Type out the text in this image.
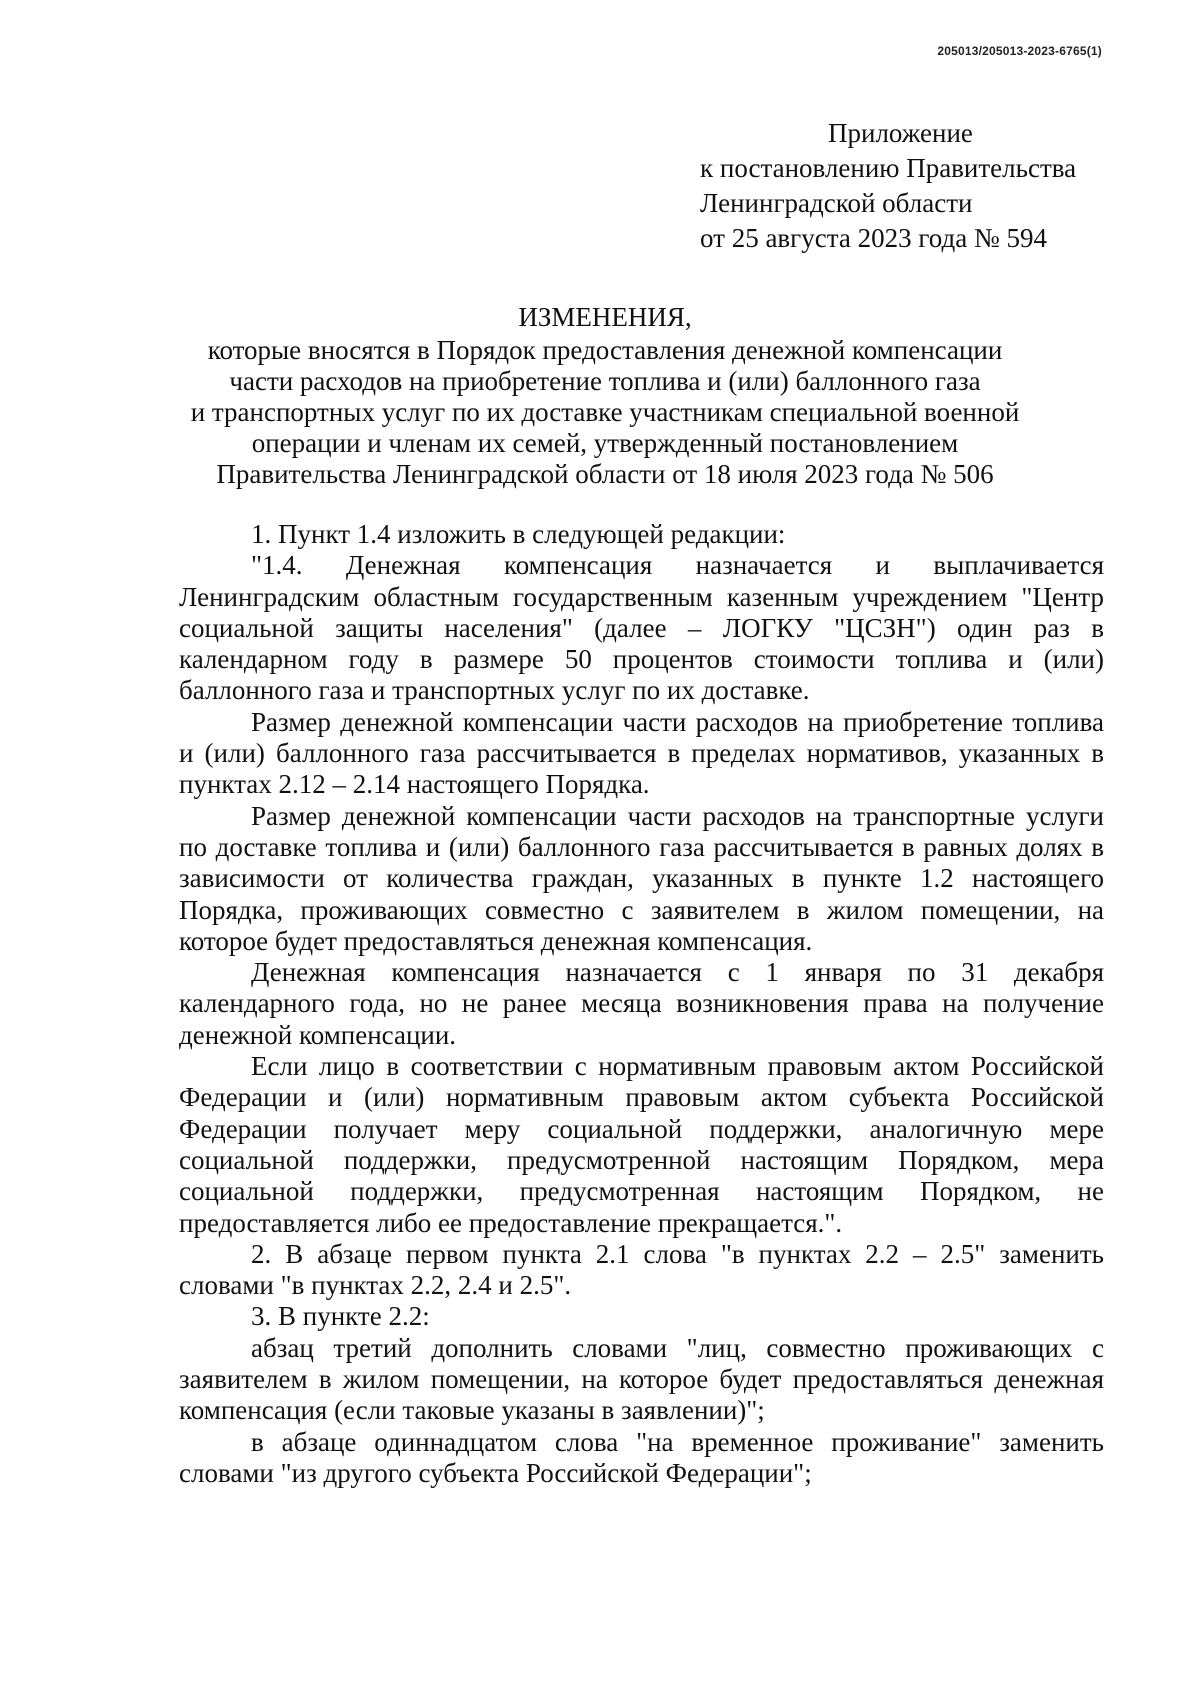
205013/205013-2023-6765(1)
Приложение
к постановлению Правительства
Ленинградской области
от 25 августа 2023 года № 594
ИЗМЕНЕНИЯ,
которые вносятся в Порядок предоставления денежной компенсации
части расходов на приобретение топлива и (или) баллонного газа
и транспортных услуг по их доставке участникам специальной военной
операции и членам их семей, утвержденный постановлением
Правительства Ленинградской области от 18 июля 2023 года № 506

1. Пункт 1.4 изложить в следующей редакции:

"1.4. Денежная компенсация назначается и выплачивается Ленинградским областным государственным казенным учреждением "Центр социальной защиты населения" (далее – ЛОГКУ "ЦСЗН") один раз в календарном году в размере 50 процентов стоимости топлива и (или) баллонного газа и транспортных услуг по их доставке.

Размер денежной компенсации части расходов на приобретение топлива и (или) баллонного газа рассчитывается в пределах нормативов, указанных в пунктах 2.12 – 2.14 настоящего Порядка.

Размер денежной компенсации части расходов на транспортные услуги по доставке топлива и (или) баллонного газа рассчитывается в равных долях в зависимости от количества граждан, указанных в пункте 1.2 настоящего Порядка, проживающих совместно с заявителем в жилом помещении, на которое будет предоставляться денежная компенсация.

Денежная компенсация назначается с 1 января по 31 декабря календарного года, но не ранее месяца возникновения права на получение денежной компенсации.

Если лицо в соответствии с нормативным правовым актом Российской Федерации и (или) нормативным правовым актом субъекта Российской Федерации получает меру социальной поддержки, аналогичную мере социальной поддержки, предусмотренной настоящим Порядком, мера социальной поддержки, предусмотренная настоящим Порядком, не предоставляется либо ее предоставление прекращается.".

2. В абзаце первом пункта 2.1 слова "в пунктах 2.2 – 2.5" заменить словами "в пунктах 2.2, 2.4 и 2.5".

3. В пункте 2.2:

абзац третий дополнить словами "лиц, совместно проживающих с заявителем в жилом помещении, на которое будет предоставляться денежная компенсация (если таковые указаны в заявлении)";

в абзаце одиннадцатом слова "на временное проживание" заменить словами "из другого субъекта Российской Федерации";
